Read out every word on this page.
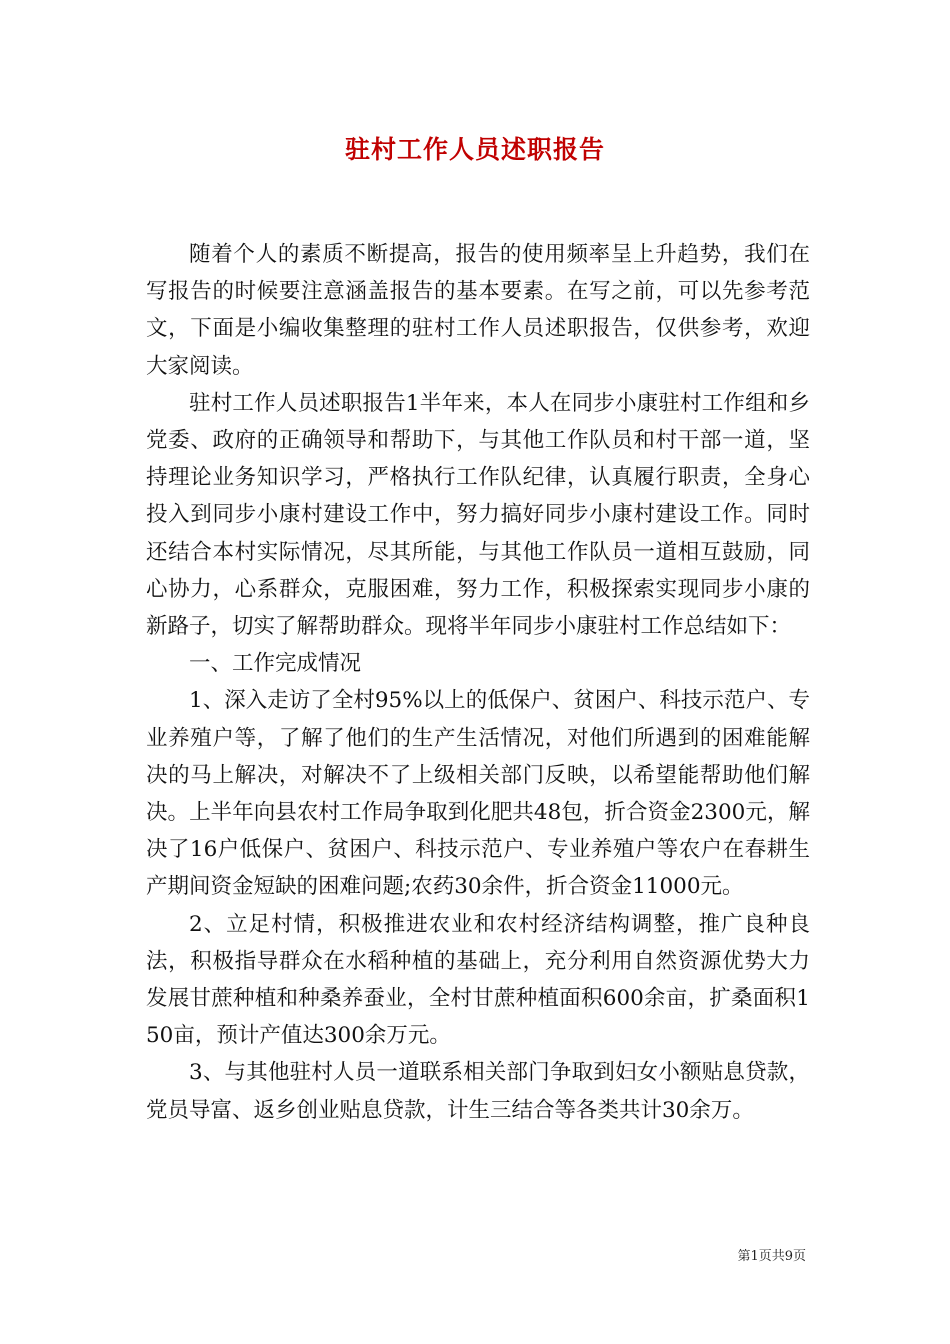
驻村工作人员述职报告

随着个人的素质不断提高，报告的使用频率呈上升趋势，我们在写报告的时候要注意涵盖报告的基本要素。在写之前，可以先参考范文，下面是小编收集整理的驻村工作人员述职报告，仅供参考，欢迎大家阅读。

驻村工作人员述职报告1半年来，本人在同步小康驻村工作组和乡党委、政府的正确领导和帮助下，与其他工作队员和村干部一道，坚持理论业务知识学习，严格执行工作队纪律，认真履行职责，全身心投入到同步小康村建设工作中，努力搞好同步小康村建设工作。同时还结合本村实际情况，尽其所能，与其他工作队员一道相互鼓励，同心协力，心系群众，克服困难，努力工作，积极探索实现同步小康的新路子，切实了解帮助群众。现将半年同步小康驻村工作总结如下：

一、工作完成情况

1、深入走访了全村95%以上的低保户、贫困户、科技示范户、专业养殖户等，了解了他们的生产生活情况，对他们所遇到的困难能解决的马上解决，对解决不了上级相关部门反映，以希望能帮助他们解决。上半年向县农村工作局争取到化肥共48包，折合资金2300元，解决了16户低保户、贫困户、科技示范户、专业养殖户等农户在春耕生产期间资金短缺的困难问题;农药30余件，折合资金11000元。

2、立足村情，积极推进农业和农村经济结构调整，推广良种良法，积极指导群众在水稻种植的基础上，充分利用自然资源优势大力发展甘蔗种植和种桑养蚕业，全村甘蔗种植面积600余亩，扩桑面积150亩，预计产值达300余万元。

3、与其他驻村人员一道联系相关部门争取到妇女小额贴息贷款，党员导富、返乡创业贴息贷款，计生三结合等各类共计30余万。

第1页共9页
